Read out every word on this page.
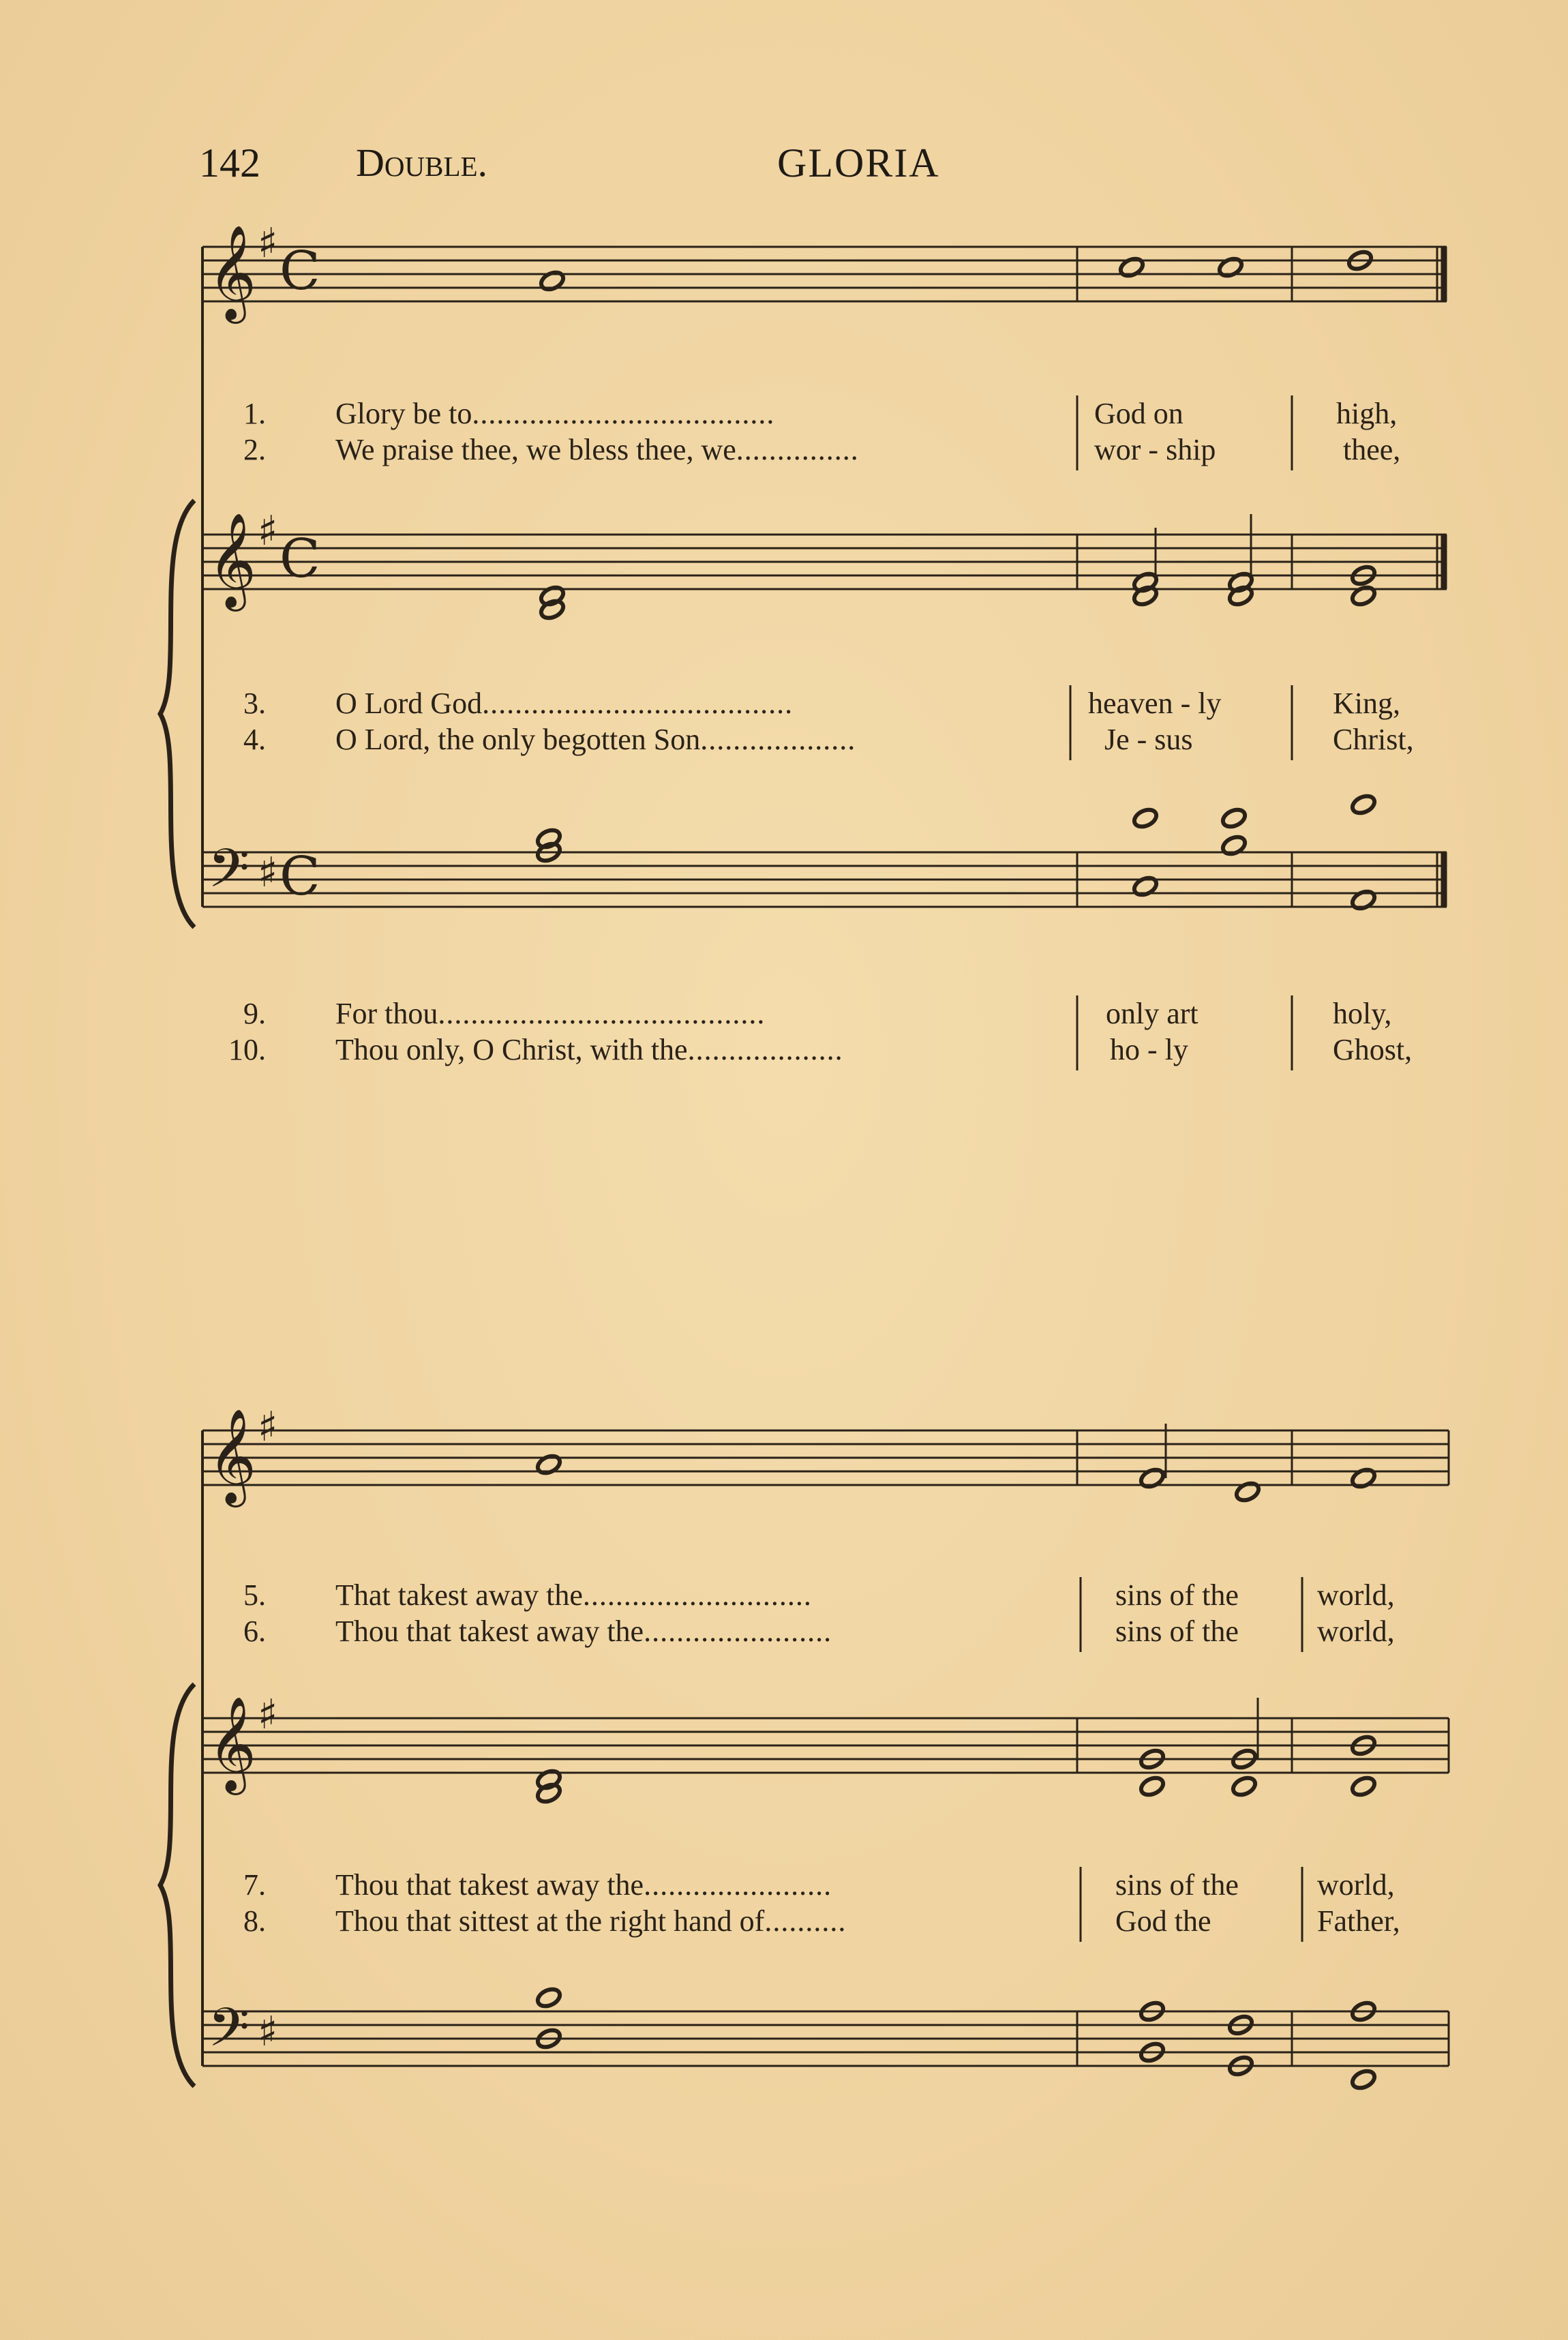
142 Double.	GLORIA
𝄞 ♯
𝄞 ♯
𝄢 ♯
C
C
C
𝄞 ♯
𝄞 ♯
𝄢 ♯
1. Glory be to.....................................	God on	high,
2. We praise thee, we bless thee, we...............	wor - ship	thee,
3. O Lord God......................................	heaven - ly	King,
4. O Lord, the only begotten Son...................	Je - sus	Christ,
9. For thou........................................	only art	holy,
10. Thou only, O Christ, with the...................	ho - ly	Ghost,
5. That takest away the............................	sins of the	world,
6. Thou that takest away the.......................	sins of the	world,
7. Thou that takest away the.......................	sins of the	world,
8. Thou that sittest at the right hand of..........	God the	Father,
